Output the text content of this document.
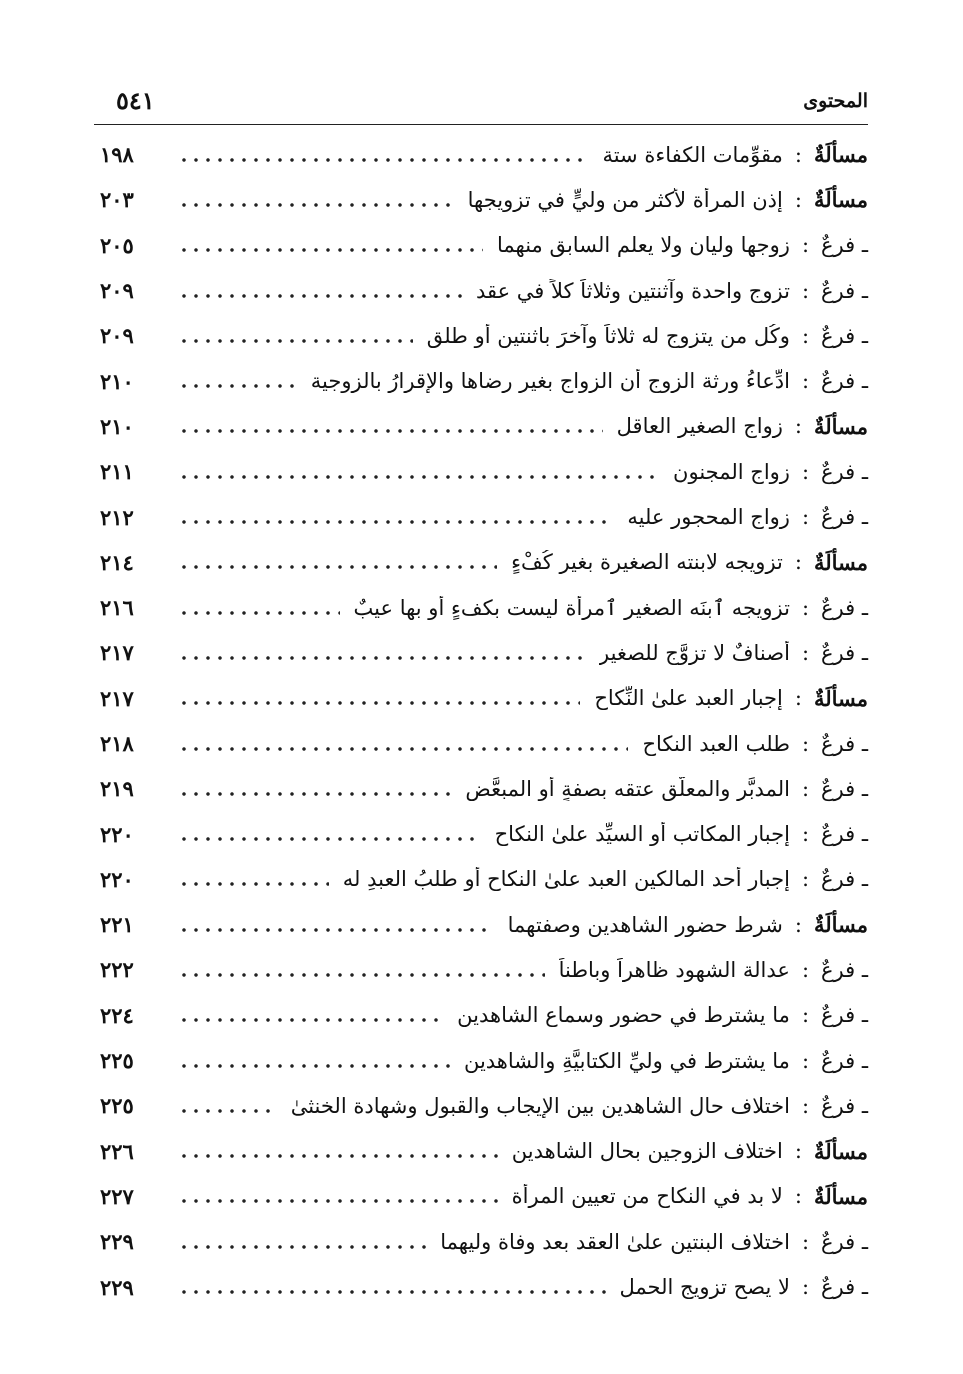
المحتوى
٥٤١
مسألَةٌ
:
مقوِّمات الكفاءة ستة
١٩٨
مسألَةٌ
:
إذن المرأة لأكثر من وليٍّ في تزويجها
٢٠٣
ـ فرعٌ
:
زوجها وليان ولا يعلم السابق منهما
٢٠٥
ـ فرعٌ
:
تزوج واحدة وآثنتين وثلاثاً كلاً في عقد
٢٠٩
ـ فرعٌ
:
وكُل من يتزوج له ثلاثاً وآخرَ باثنتين أو طلق
٢٠٩
ـ فرعٌ
:
ادِّعاءُ ورثة الزوج أن الزواج بغير رضاها والإقرارُ بالزوجية
٢١٠
مسألَةٌ
:
زواج الصغير العاقل
٢١٠
ـ فرعٌ
:
زواج المجنون
٢١١
ـ فرعٌ
:
زواج المحجور عليه
٢١٢
مسألَةٌ
:
تزويجه لابنته الصغيرة بغيرِ كُفْءٍ
٢١٤
ـ فرعٌ
:
تزويجه ٱبنَه الصغير ٱمرأة ليست بكفءٍ أو بها عيبٌ
٢١٦
ـ فرعٌ
:
أصنافٌ لا تزوَّج للصغير
٢١٧
مسألَةٌ
:
إجبار العبد علىٰ النِّكاح
٢١٧
ـ فرعٌ
:
طلب العبد النكاح
٢١٨
ـ فرعٌ
:
المدبَّر والمعلَّق عتقه بصفةٍ أو المبعَّض
٢١٩
ـ فرعٌ
:
إجبار المكاتب أو السيِّد علىٰ النكاح
٢٢٠
ـ فرعٌ
:
إجبار أحد المالكين العبد علىٰ النكاح أو طلبُ العبدِ له
٢٢٠
مسألَةٌ
:
شرط حضور الشاهدين وصفتهما
٢٢١
ـ فرعٌ
:
عدالة الشهود ظاهراً وباطناً
٢٢٢
ـ فرعٌ
:
ما يشترط في حضور وسماع الشاهدين
٢٢٤
ـ فرعٌ
:
ما يشترط في وليِّ الكتابيَّةِ والشاهدين
٢٢٥
ـ فرعٌ
:
اختلاف حال الشاهدين بين الإيجاب والقبول وشهادة الخنثىٰ
٢٢٥
مسألَةٌ
:
اختلاف الزوجين بحال الشاهدين
٢٢٦
مسألَةٌ
:
لا بد في النكاح من تعيين المرأة
٢٢٧
ـ فرعٌ
:
اختلاف البنتين علىٰ العقد بعد وفاة وليهما
٢٢٩
ـ فرعٌ
:
لا يصح تزويج الحمل
٢٢٩
